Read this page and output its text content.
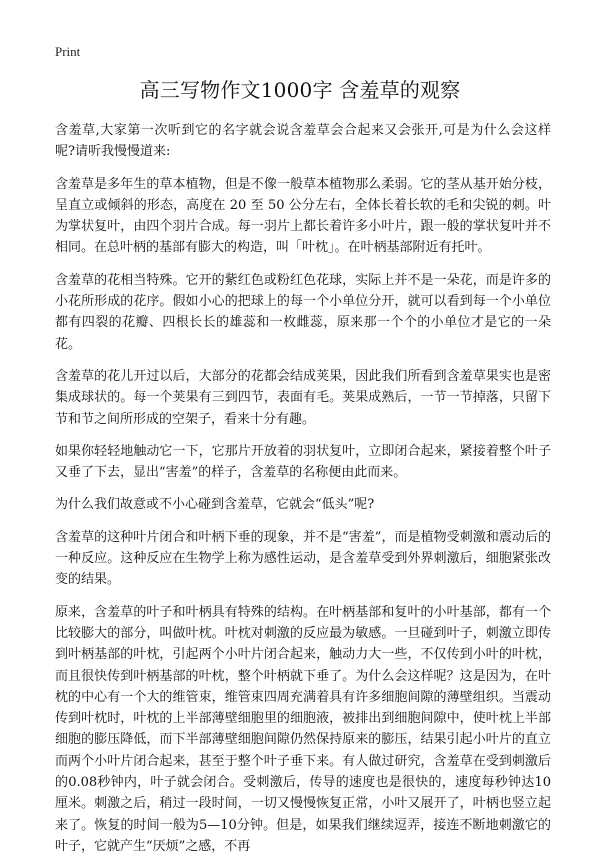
Print
高三写物作文1000字 含羞草的观察

含羞草,大家第一次听到它的名字就会说含羞草会合起来又会张开,可是为什么会这样呢?请听我慢慢道来:

含羞草是多年生的草本植物，但是不像一般草本植物那么柔弱。它的茎从基开始分枝，呈直立或倾斜的形态，高度在 20 至 50 公分左右，全体长着长软的毛和尖锐的刺。叶为掌状复叶，由四个羽片合成。每一羽片上都长着许多小叶片，跟一般的掌状复叶并不相同。在总叶柄的基部有膨大的构造，叫「叶枕」。在叶柄基部附近有托叶。

含羞草的花相当特殊。它开的紫红色或粉红色花球，实际上并不是一朵花，而是许多的小花所形成的花序。假如小心的把球上的每一个小单位分开，就可以看到每一个小单位都有四裂的花瓣、四根长长的雄蕊和一枚雌蕊，原来那一个个的小单位才是它的一朵花。

含羞草的花儿开过以后，大部分的花都会结成荚果，因此我们所看到含羞草果实也是密集成球状的。每一个荚果有三到四节，表面有毛。荚果成熟后，一节一节掉落，只留下节和节之间所形成的空架子，看来十分有趣。

如果你轻轻地触动它一下，它那片开放着的羽状复叶，立即闭合起来，紧接着整个叶子又垂了下去，显出“害羞”的样子，含羞草的名称便由此而来。

为什么我们故意或不小心碰到含羞草，它就会“低头”呢?

含羞草的这种叶片闭合和叶柄下垂的现象，并不是“害羞”，而是植物受刺激和震动后的一种反应。这种反应在生物学上称为感性运动，是含羞草受到外界刺激后，细胞紧张改变的结果。

原来，含羞草的叶子和叶柄具有特殊的结构。在叶柄基部和复叶的小叶基部，都有一个比较膨大的部分，叫做叶枕。叶枕对刺激的反应最为敏感。一旦碰到叶子，刺激立即传到叶柄基部的叶枕，引起两个小叶片闭合起来，触动力大一些，不仅传到小叶的叶枕，而且很快传到叶柄基部的叶枕，整个叶柄就下垂了。为什么会这样呢？这是因为，在叶枕的中心有一个大的维管束，维管束四周充满着具有许多细胞间隙的薄壁组织。当震动传到叶枕时，叶枕的上半部薄壁细胞里的细胞液，被排出到细胞间隙中，使叶枕上半部细胞的膨压降低，而下半部薄壁细胞间隙仍然保持原来的膨压，结果引起小叶片的直立而两个小叶片闭合起来，甚至于整个叶子垂下来。有人做过研究，含羞草在受到刺激后的0.08秒钟内，叶子就会闭合。受刺激后，传导的速度也是很快的，速度每秒钟达10厘米。刺激之后，稍过一段时间，一切又慢慢恢复正常，小叶又展开了，叶柄也竖立起来了。恢复的时间一般为5—10分钟。但是，如果我们继续逗弄，接连不断地刺激它的叶子，它就产生“厌烦”之感，不再
